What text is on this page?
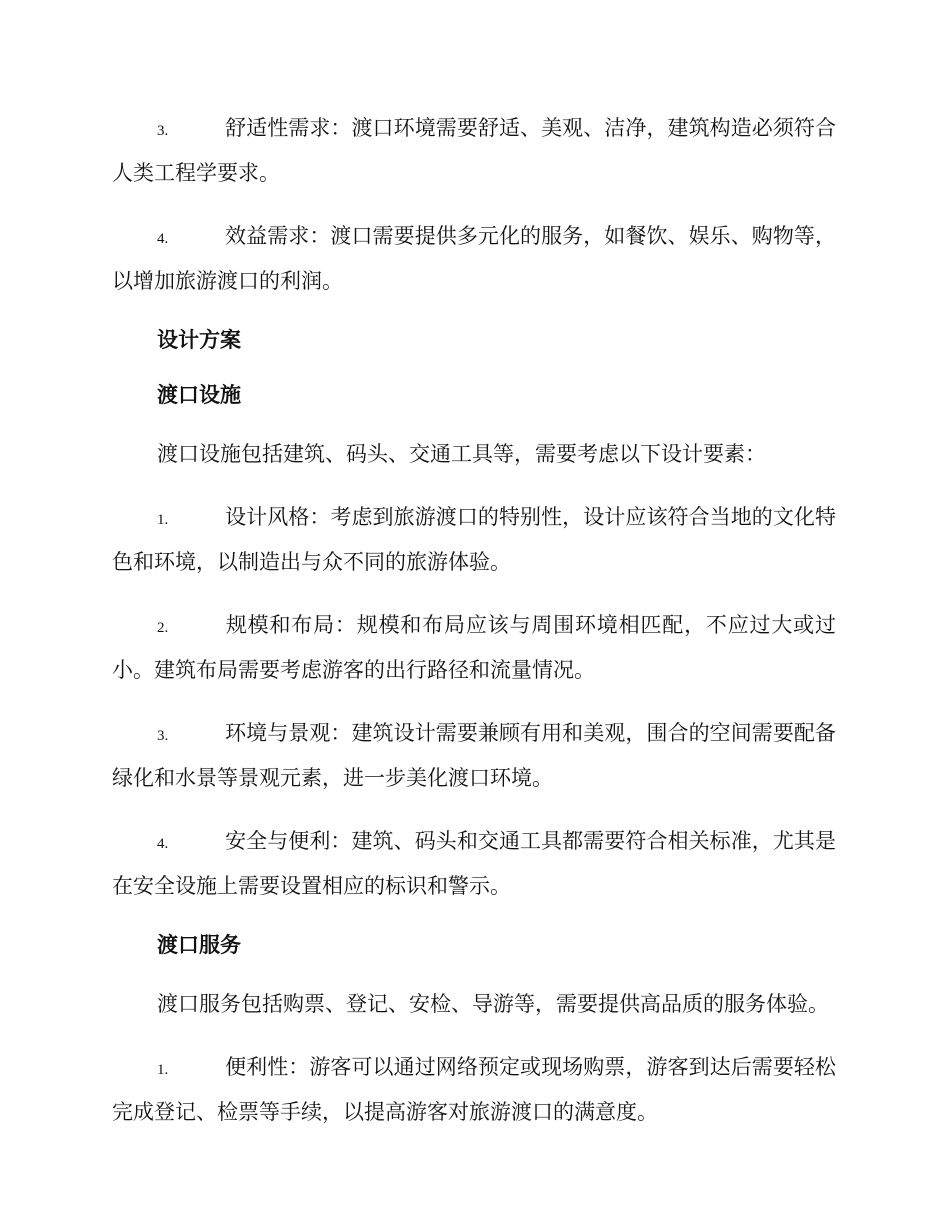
3.	舒适性需求：渡口环境需要舒适、美观、洁净，建筑构造必须符合人类工程学要求。

4.	效益需求：渡口需要提供多元化的服务，如餐饮、娱乐、购物等，以增加旅游渡口的利润。

设计方案

渡口设施

渡口设施包括建筑、码头、交通工具等，需要考虑以下设计要素：

1.	设计风格：考虑到旅游渡口的特别性，设计应该符合当地的文化特色和环境，以制造出与众不同的旅游体验。

2.	规模和布局：规模和布局应该与周围环境相匹配，不应过大或过小。建筑布局需要考虑游客的出行路径和流量情况。

3.	环境与景观：建筑设计需要兼顾有用和美观，围合的空间需要配备绿化和水景等景观元素，进一步美化渡口环境。

4.	安全与便利：建筑、码头和交通工具都需要符合相关标准，尤其是在安全设施上需要设置相应的标识和警示。

渡口服务

渡口服务包括购票、登记、安检、导游等，需要提供高品质的服务体验。

1.	便利性：游客可以通过网络预定或现场购票，游客到达后需要轻松完成登记、检票等手续，以提高游客对旅游渡口的满意度。
